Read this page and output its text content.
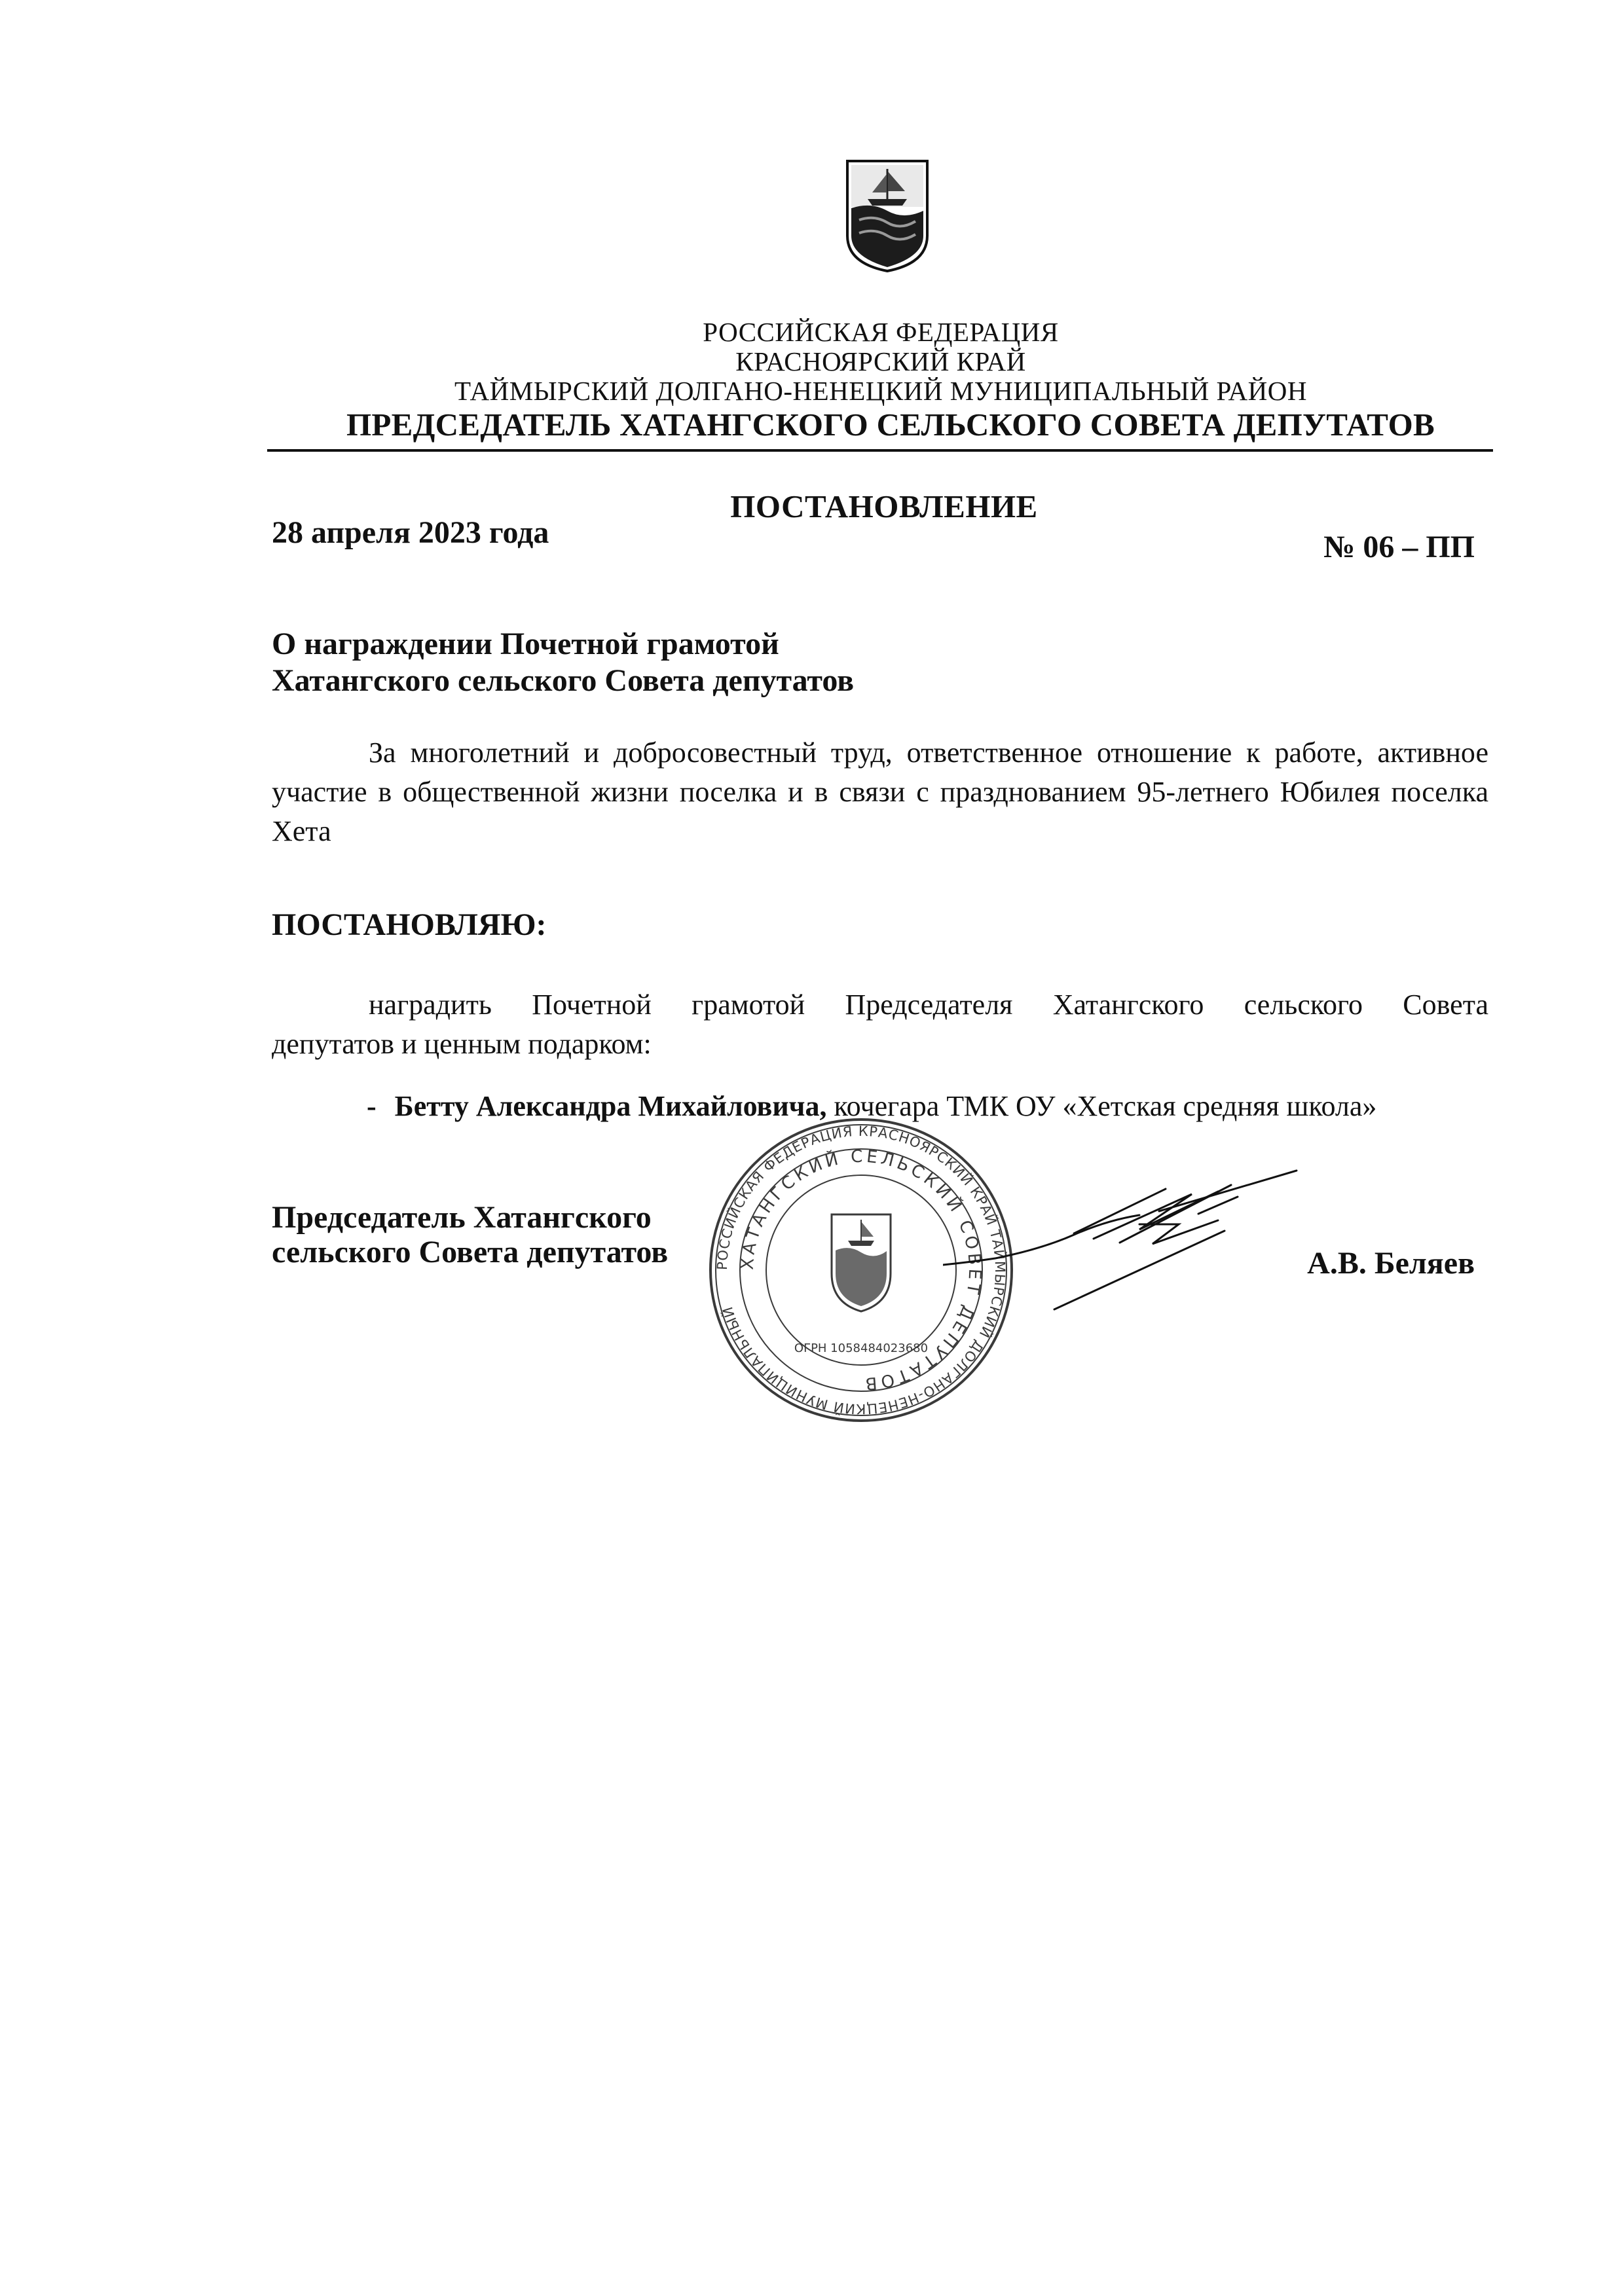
РОССИЙСКАЯ ФЕДЕРАЦИЯ
КРАСНОЯРСКИЙ КРАЙ
ТАЙМЫРСКИЙ ДОЛГАНО-НЕНЕЦКИЙ МУНИЦИПАЛЬНЫЙ РАЙОН
ПРЕДСЕДАТЕЛЬ ХАТАНГСКОГО СЕЛЬСКОГО СОВЕТА ДЕПУТАТОВ
ПОСТАНОВЛЕНИЕ
28 апреля 2023 года	№ 06 – ПП
О награждении Почетной грамотой
Хатангского сельского Совета депутатов
За многолетний и добросовестный труд, ответственное отношение к работе, активное участие в общественной жизни поселка и в связи с празднованием 95-летнего Юбилея поселка Хета
ПОСТАНОВЛЯЮ:
наградить Почетной грамотой Председателя Хатангского сельского Совета
депутатов и ценным подарком:
- Бетту Александра Михайловича, кочегара ТМК ОУ «Хетская средняя школа»
РОССИЙСКАЯ ФЕДЕРАЦИЯ КРАСНОЯРСКИЙ КРАЙ ТАЙМЫРСКИЙ ДОЛГАНО-НЕНЕЦКИЙ МУНИЦИПАЛЬНЫЙ
ХАТАНГСКИЙ СЕЛЬСКИЙ СОВЕТ ДЕПУТАТОВ
ОГРН 1058484023680
Председатель Хатангского
сельского Совета депутатов	А.В. Беляев
